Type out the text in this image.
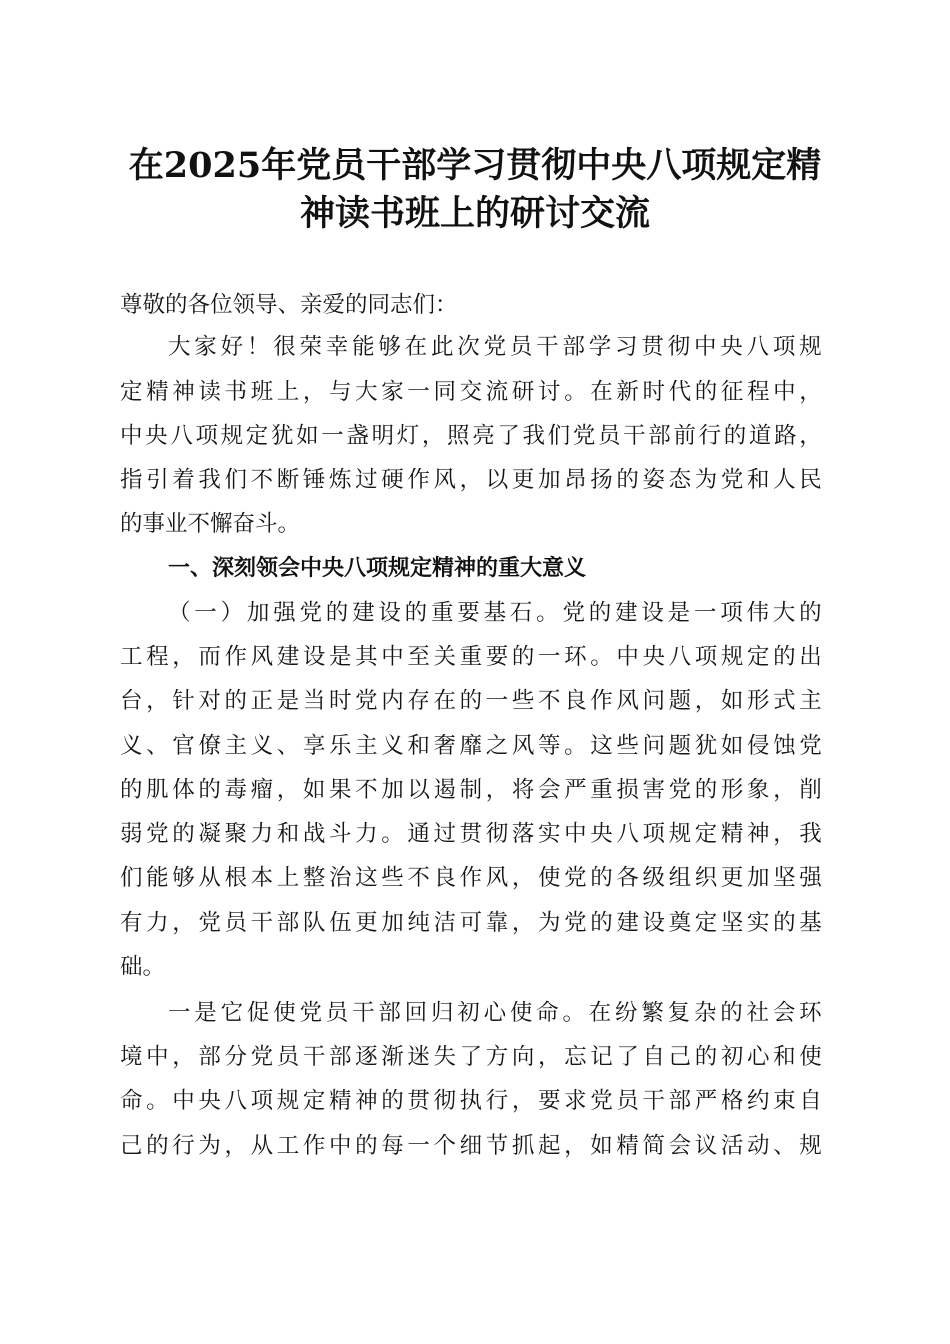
在2025年党员干部学习贯彻中央八项规定精
神读书班上的研讨交流
尊敬的各位领导、亲爱的同志们：
大 家 好 ！ 很 荣 幸 能 够 在 此 次 党 员 干 部 学 习 贯 彻 中 央 八 项 规
定 精 神 读 书 班 上 ， 与 大 家 一 同 交 流 研 讨 。 在 新 时 代 的 征 程 中 ，
中 央 八 项 规 定 犹 如 一 盏 明 灯 ， 照 亮 了 我 们 党 员 干 部 前 行 的 道 路 ，
指 引 着 我 们 不 断 锤 炼 过 硬 作 风 ， 以 更 加 昂 扬 的 姿 态 为 党 和 人 民
的事业不懈奋斗。
一、深刻领会中央八项规定精神的重大意义
（ 一 ） 加 强 党 的 建 设 的 重 要 基 石 。 党 的 建 设 是 一 项 伟 大 的
工 程 ， 而 作 风 建 设 是 其 中 至 关 重 要 的 一 环 。 中 央 八 项 规 定 的 出
台 ， 针 对 的 正 是 当 时 党 内 存 在 的 一 些 不 良 作 风 问 题 ， 如 形 式 主
义 、 官 僚 主 义 、 享 乐 主 义 和 奢 靡 之 风 等 。 这 些 问 题 犹 如 侵 蚀 党
的 肌 体 的 毒 瘤 ， 如 果 不 加 以 遏 制 ， 将 会 严 重 损 害 党 的 形 象 ， 削
弱 党 的 凝 聚 力 和 战 斗 力 。 通 过 贯 彻 落 实 中 央 八 项 规 定 精 神 ， 我
们 能 够 从 根 本 上 整 治 这 些 不 良 作 风 ， 使 党 的 各 级 组 织 更 加 坚 强
有 力 ， 党 员 干 部 队 伍 更 加 纯 洁 可 靠 ， 为 党 的 建 设 奠 定 坚 实 的 基
础。
一 是 它 促 使 党 员 干 部 回 归 初 心 使 命 。 在 纷 繁 复 杂 的 社 会 环
境 中 ， 部 分 党 员 干 部 逐 渐 迷 失 了 方 向 ， 忘 记 了 自 己 的 初 心 和 使
命 。 中 央 八 项 规 定 精 神 的 贯 彻 执 行 ， 要 求 党 员 干 部 严 格 约 束 自
己 的 行 为 ， 从 工 作 中 的 每 一 个 细 节 抓 起 ， 如 精 简 会 议 活 动 、 规
